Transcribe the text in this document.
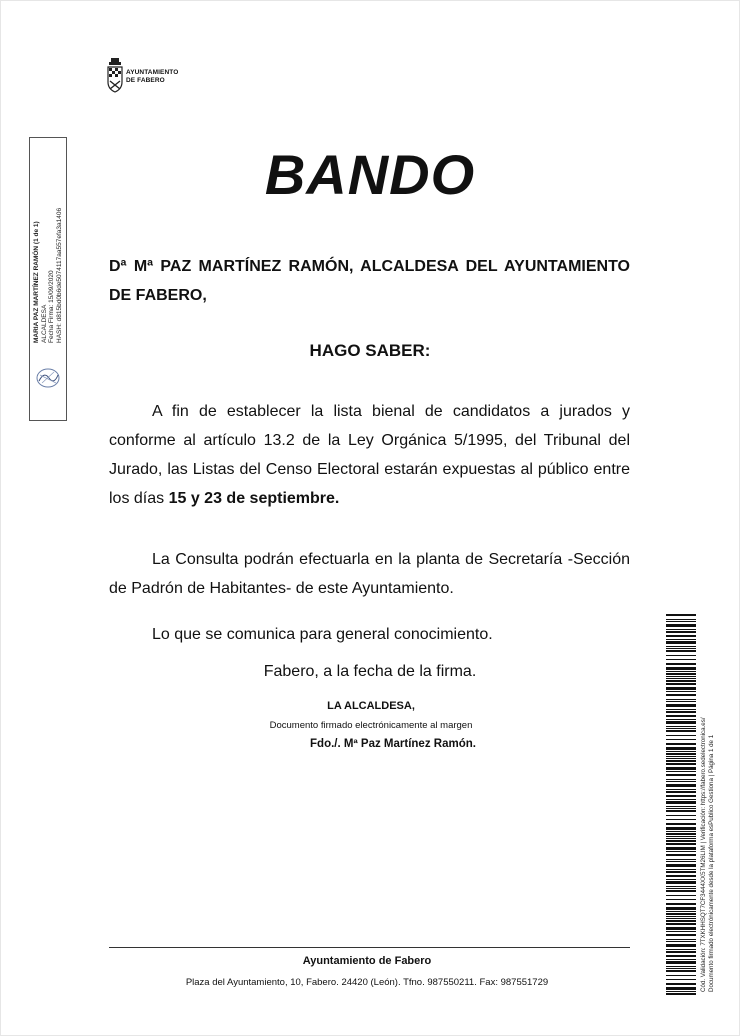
AYUNTAMIENTO
DE FABERO
MARIA PAZ MARTÍNEZ RAMÓN (1 de 1) ALCALDESA Fecha Firma: 15/09/2020 HASH: d815bd0b6de5074117aa557efa3a1406
BANDO
Dª Mª PAZ MARTÍNEZ RAMÓN, ALCALDESA DEL AYUNTAMIENTO DE FABERO,
HAGO SABER:
A fin de establecer la lista bienal de candidatos a jurados y conforme al artículo 13.2 de la Ley Orgánica 5/1995, del Tribunal del Jurado, las Listas del Censo Electoral estarán expuestas al público entre los días 15 y 23 de septiembre.
La Consulta podrán efectuarla en la planta de Secretaría -Sección de Padrón de Habitantes- de este Ayuntamiento.
Lo que se comunica para general conocimiento.
Fabero, a la fecha de la firma.
LA ALCALDESA,
Documento firmado electrónicamente al margen
Fdo./. Mª Paz Martínez Ramón.
Ayuntamiento de Fabero
Plaza del Ayuntamiento, 10, Fabero. 24420 (León). Tfno. 987550211. Fax: 987551729	Cód. Validación: 7TXKHHSQT7CF3444XX5TM26LIM | Verificación: https://fabero.sedelectronica.es/ Documento firmado electrónicamente desde la plataforma esPublico Gestiona | Página 1 de 1
